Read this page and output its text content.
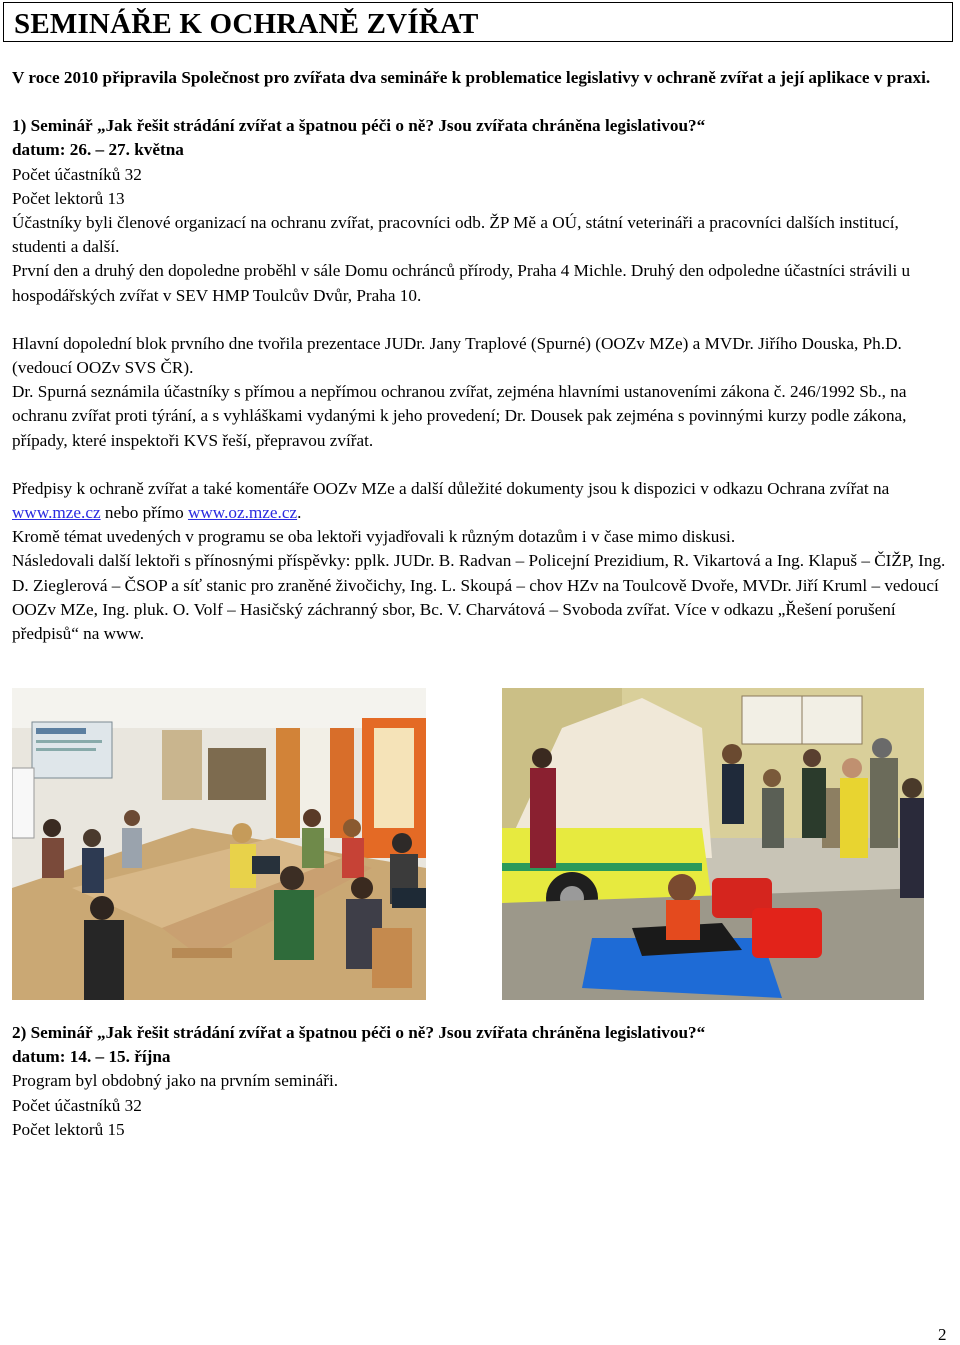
SEMINÁŘE K OCHRANĚ ZVÍŘAT

V roce 2010 připravila Společnost pro zvířata dva semináře k problematice legislativy v ochraně zvířat a její aplikace v praxi.

1) Seminář „Jak řešit strádání zvířat a špatnou péči o ně? Jsou zvířata chráněna legislativou?“

datum: 26. – 27. května

Počet účastníků 32

Počet lektorů 13

Účastníky byli členové organizací na ochranu zvířat, pracovníci odb. ŽP Mě a OÚ, státní veterináři a pracovníci dalších institucí, studenti a další.

První den a druhý den dopoledne proběhl v sále Domu ochránců přírody, Praha 4 Michle. Druhý den odpoledne účastníci strávili u hospodářských zvířat v SEV HMP Toulcův Dvůr, Praha 10.

Hlavní dopolední blok prvního dne tvořila prezentace JUDr. Jany Traplové (Spurné) (OOZv MZe) a MVDr. Jiřího Douska, Ph.D. (vedoucí OOZv SVS ČR).

Dr. Spurná seznámila účastníky s přímou a nepřímou ochranou zvířat, zejména hlavními ustanoveními zákona č. 246/1992 Sb., na ochranu zvířat proti týrání, a s vyhláškami vydanými k jeho provedení; Dr. Dousek pak zejména s povinnými kurzy podle zákona, případy, které inspektoři KVS řeší, přepravou zvířat.

Předpisy k ochraně zvířat a také komentáře OOZv MZe a další důležité dokumenty jsou k dispozici v odkazu Ochrana zvířat na www.mze.cz nebo přímo www.oz.mze.cz.

Kromě témat uvedených v programu se oba lektoři vyjadřovali k různým dotazům i v čase mimo diskusi.

Následovali další lektoři s přínosnými příspěvky: pplk. JUDr. B. Radvan – Policejní Prezidium, R. Vikartová a Ing. Klapuš – ČIŽP, Ing. D. Zieglerová – ČSOP a síť stanic pro zraněné živočichy, Ing. L. Skoupá – chov HZv na Toulcově Dvoře, MVDr. Jiří Kruml – vedoucí OOZv MZe, Ing. pluk. O. Volf – Hasičský záchranný sbor, Bc. V. Charvátová – Svoboda zvířat. Více v odkazu „Řešení porušení předpisů“ na www.

2) Seminář „Jak řešit strádání zvířat a špatnou péči o ně? Jsou zvířata chráněna legislativou?“

datum: 14. – 15. října

Program byl obdobný jako na prvním semináři.

Počet účastníků 32

Počet lektorů 15

2
